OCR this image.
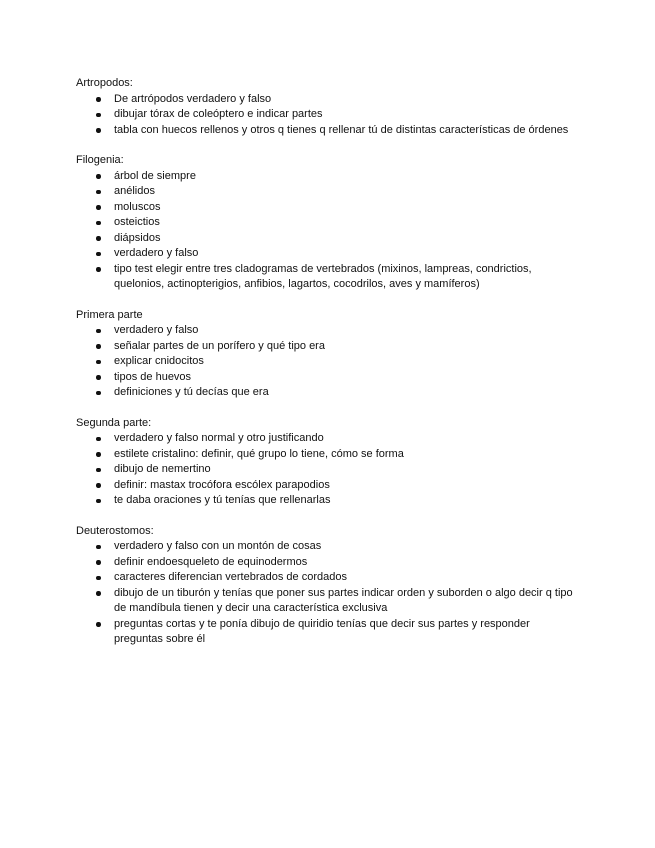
Artropodos:

De artrópodos verdadero y falso
dibujar tórax de coleóptero e indicar partes
tabla con huecos rellenos y otros q tienes q rellenar tú de distintas características de órdenes

Filogenia:

árbol de siempre
anélidos
moluscos
osteictios
diápsidos
verdadero y falso
tipo test elegir entre tres cladogramas de vertebrados (mixinos, lampreas, condrictios, quelonios, actinopterigios, anfibios, lagartos, cocodrilos, aves y mamíferos)

Primera parte

verdadero y falso
señalar partes de un porífero y qué tipo era
explicar cnidocitos
tipos de huevos
definiciones y tú decías que era

Segunda parte:

verdadero y falso normal y otro justificando
estilete cristalino: definir, qué grupo lo tiene, cómo se forma
dibujo de nemertino
definir: mastax trocófora escólex parapodios
te daba oraciones y tú tenías que rellenarlas

Deuterostomos:

verdadero y falso con un montón de cosas
definir endoesqueleto de equinodermos
caracteres diferencian vertebrados de cordados
dibujo de un tiburón y tenías que poner sus partes indicar orden y suborden o algo decir q tipo de mandíbula tienen y decir una característica exclusiva
preguntas cortas y te ponía dibujo de quiridio tenías que decir sus partes y responder preguntas sobre él
